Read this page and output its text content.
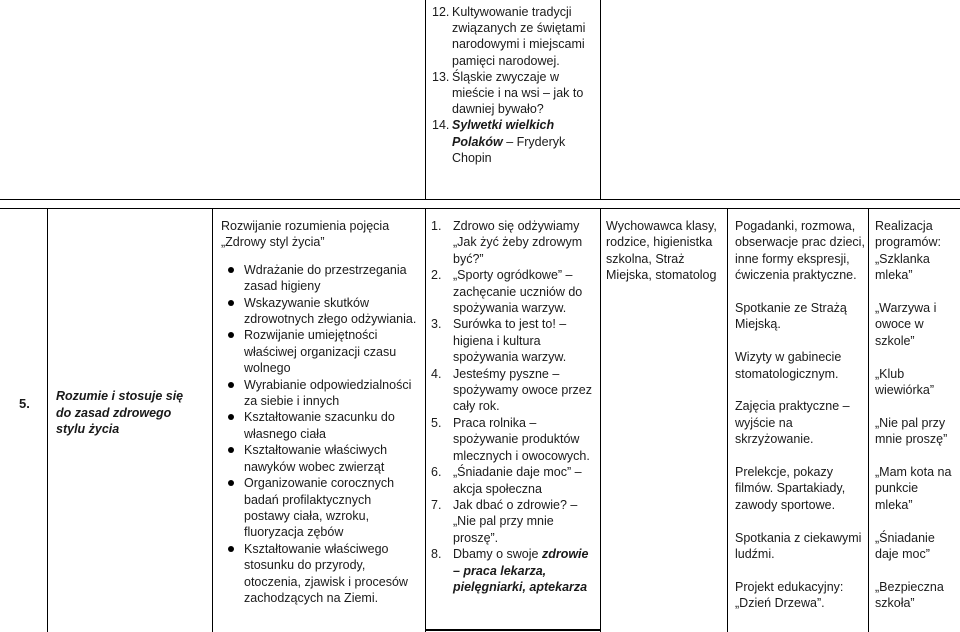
12. Kultywowanie tradycji związanych ze świętami narodowymi i miejscami pamięci narodowej.
13. Śląskie zwyczaje w mieście i na wsi – jak to dawniej bywało?
14. Sylwetki wielkich Polaków – Fryderyk Chopin
5.	Rozumie i stosuje się do zasad zdrowego stylu życia

Rozwijanie rozumienia pojęcia „Zdrowy styl życia”

Wdrażanie do przestrzegania zasad higieny
Wskazywanie skutków zdrowotnych złego odżywiania.
Rozwijanie umiejętności właściwej organizacji czasu wolnego
Wyrabianie odpowiedzialności za siebie i innych
Kształtowanie szacunku do własnego ciała
Kształtowanie właściwych nawyków wobec zwierząt
Organizowanie corocznych badań profilaktycznych postawy ciała, wzroku, fluoryzacja zębów
Kształtowanie właściwego stosunku do przyrody, otoczenia, zjawisk i procesów zachodzących na Ziemi.
1. Zdrowo się odżywiamy „Jak żyć żeby zdrowym być?”
2. „Sporty ogródkowe” – zachęcanie uczniów do spożywania warzyw.
3. Surówka to jest to! – higiena i kultura spożywania warzyw.
4. Jesteśmy pyszne – spożywamy owoce przez cały rok.
5. Praca rolnika – spożywanie produktów mlecznych i owocowych.
6. „Śniadanie daje moc” – akcja społeczna
7. Jak dbać o zdrowie? – „Nie pal przy mnie proszę”.
8. Dbamy o swoje zdrowie – praca lekarza, pielęgniarki, aptekarza
Wychowawca klasy, rodzice, higienistka szkolna, Straż Miejska, stomatolog

Pogadanki, rozmowa, obserwacje prac dzieci, inne formy ekspresji, ćwiczenia praktyczne.

Spotkanie ze Strażą Miejską.

Wizyty w gabinecie stomatologicznym.

Zajęcia praktyczne – wyjście na skrzyżowanie.

Prelekcje, pokazy filmów. Spartakiady, zawody sportowe.

Spotkania z ciekawymi ludźmi.

Projekt edukacyjny: „Dzień Drzewa”.

Realizacja programów: „Szklanka mleka”

„Warzywa i owoce w szkole”

„Klub wiewiórka”

„Nie pal przy mnie proszę”

„Mam kota na punkcie mleka”

„Śniadanie daje moc”

„Bezpieczna szkoła”
